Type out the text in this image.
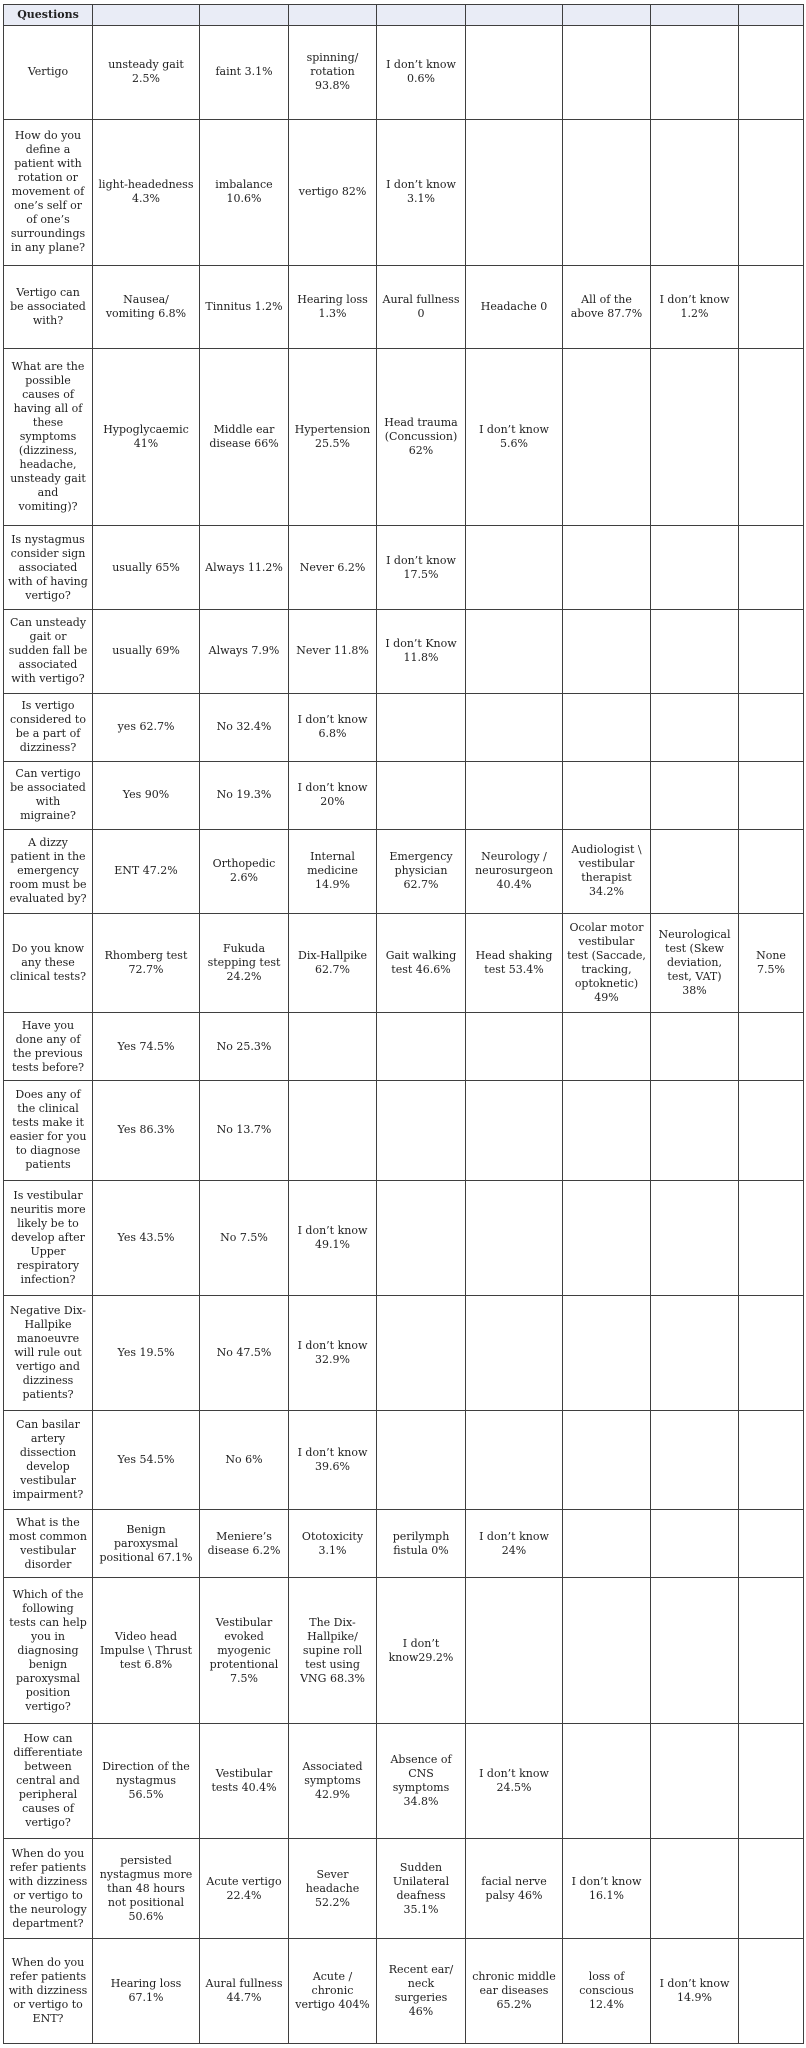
Questions								
Vertigo	unsteady gait 2.5%	faint 3.1%	spinning/ rotation 93.8%	I don’t know 0.6%				
How do you define a patient with rotation or movement of one’s self or of one’s surroundings in any plane?	light-headedness 4.3%	imbalance 10.6%	vertigo 82%	I don’t know 3.1%				
Vertigo can be associated with?	Nausea/ vomiting 6.8%	Tinnitus 1.2%	Hearing loss 1.3%	Aural fullness 0	Headache 0	All of the above 87.7%	I don’t know 1.2%	
What are the possible causes of having all of these symptoms (dizziness, headache, unsteady gait and vomiting)?	Hypoglycaemic 41%	Middle ear disease 66%	Hypertension 25.5%	Head trauma (Concussion) 62%	I don’t know 5.6%			
Is nystagmus consider sign associated with of having vertigo?	usually 65%	Always 11.2%	Never 6.2%	I don’t know 17.5%				
Can unsteady gait or sudden fall be associated with vertigo?	usually 69%	Always 7.9%	Never 11.8%	I don’t Know 11.8%				
Is vertigo considered to be a part of dizziness?	yes 62.7%	No 32.4%	I don’t know 6.8%					
Can vertigo be associated with migraine?	Yes 90%	No 19.3%	I don’t know 20%					
A dizzy patient in the emergency room must be evaluated by?	ENT 47.2%	Orthopedic 2.6%	Internal medicine 14.9%	Emergency physician 62.7%	Neurology / neurosurgeon 40.4%	Audiologist \ vestibular therapist 34.2%		
Do you know any these clinical tests?	Rhomberg test 72.7%	Fukuda stepping test 24.2%	Dix-Hallpike 62.7%	Gait walking test 46.6%	Head shaking test 53.4%	Ocolar motor vestibular test (Saccade, tracking, optoknetic) 49%	Neurological test (Skew deviation, test, VAT) 38%	None 7.5%
Have you done any of the previous tests before?	Yes 74.5%	No 25.3%						
Does any of the clinical tests make it easier for you to diagnose patients	Yes 86.3%	No 13.7%						
Is vestibular neuritis more likely be to develop after Upper respiratory infection?	Yes 43.5%	No 7.5%	I don’t know 49.1%					
Negative Dix- Hallpike manoeuvre will rule out vertigo and dizziness patients?	Yes 19.5%	No 47.5%	I don’t know 32.9%					
Can basilar artery dissection develop vestibular impairment?	Yes 54.5%	No 6%	I don’t know 39.6%					
What is the most common vestibular disorder	Benign paroxysmal positional 67.1%	Meniere’s disease 6.2%	Ototoxicity 3.1%	perilymph fistula 0%	I don’t know 24%			
Which of the following tests can help you in diagnosing benign paroxysmal position vertigo?	Video head Impulse \ Thrust test 6.8%	Vestibular evoked myogenic protentional 7.5%	The Dix-Hallpike/ supine roll test using VNG 68.3%	I don’t know29.2%				
How can differentiate between central and peripheral causes of vertigo?	Direction of the nystagmus 56.5%	Vestibular tests 40.4%	Associated symptoms 42.9%	Absence of CNS symptoms 34.8%	I don’t know 24.5%			
When do you refer patients with dizziness or vertigo to the neurology department?	persisted nystagmus more than 48 hours not positional 50.6%	Acute vertigo 22.4%	Sever headache 52.2%	Sudden Unilateral deafness 35.1%	facial nerve palsy 46%	I don’t know 16.1%		
When do you refer patients with dizziness or vertigo to ENT?	Hearing loss 67.1%	Aural fullness 44.7%	Acute / chronic vertigo 404%	Recent ear/ neck surgeries 46%	chronic middle ear diseases 65.2%	loss of conscious 12.4%	I don’t know 14.9%	
